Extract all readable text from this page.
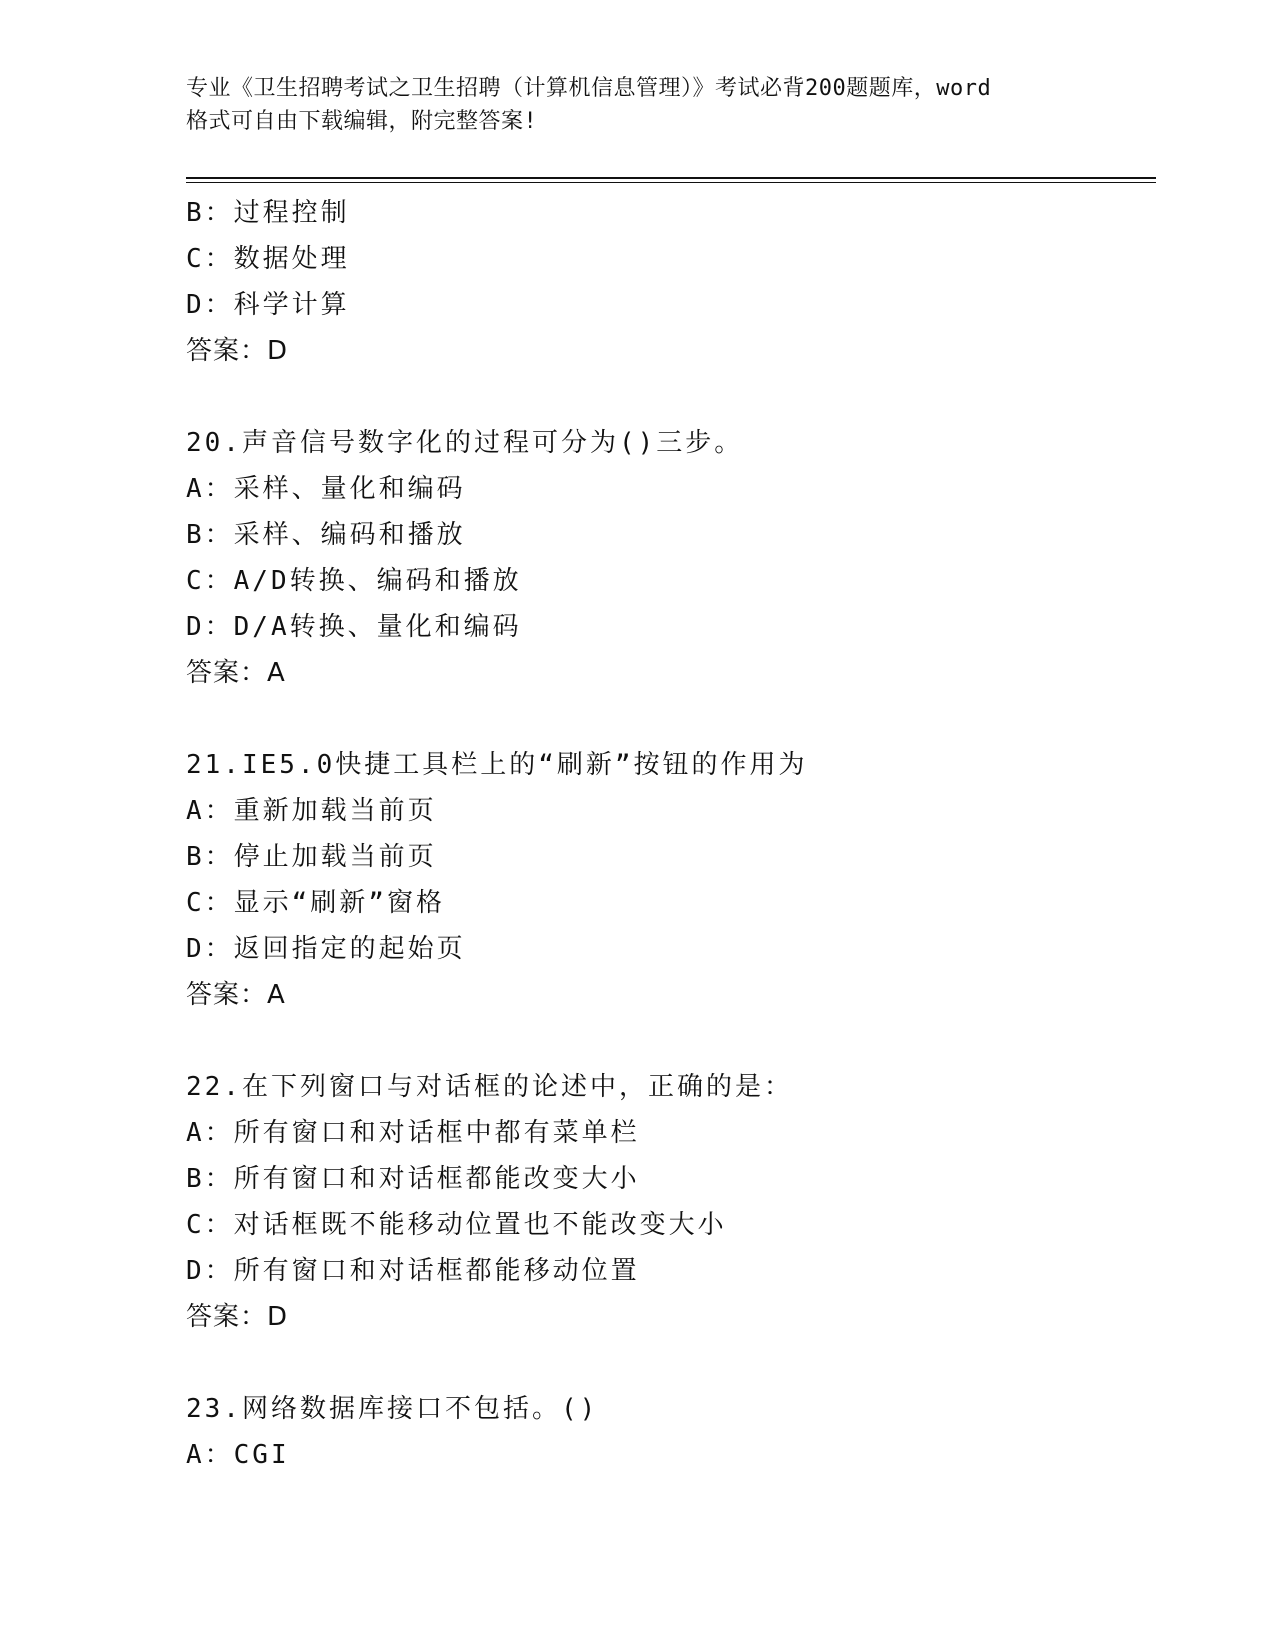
专业《卫生招聘考试之卫生招聘（计算机信息管理）》考试必背200题题库，word
格式可自由下载编辑，附完整答案!
B：过程控制
C：数据处理
D：科学计算
答案：D
20.声音信号数字化的过程可分为()三步。
A：采样、量化和编码
B：采样、编码和播放
C：A/D转换、编码和播放
D：D/A转换、量化和编码
答案：A
21.IE5.0快捷工具栏上的“刷新”按钮的作用为
A：重新加载当前页
B：停止加载当前页
C：显示“刷新”窗格
D：返回指定的起始页
答案：A
22.在下列窗口与对话框的论述中，正确的是：
A：所有窗口和对话框中都有菜单栏
B：所有窗口和对话框都能改变大小
C：对话框既不能移动位置也不能改变大小
D：所有窗口和对话框都能移动位置
答案：D
23.网络数据库接口不包括。()
A：CGI
